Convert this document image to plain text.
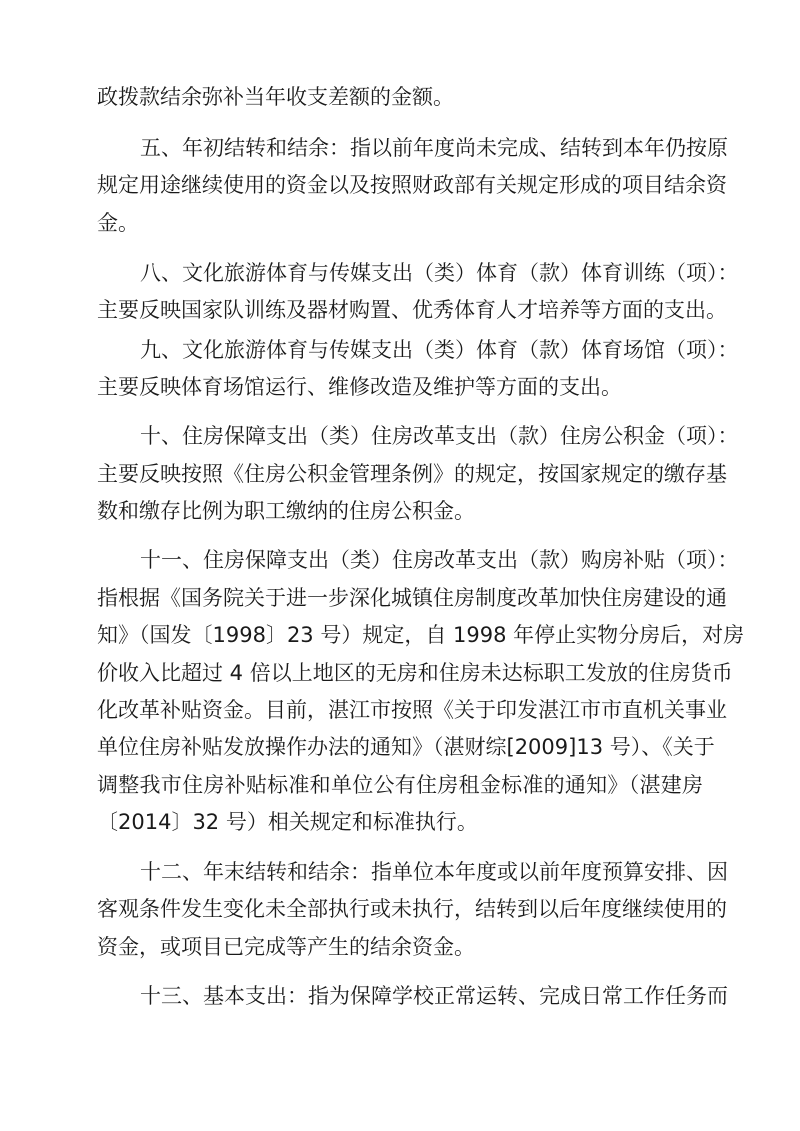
政拨款结余弥补当年收支差额的金额。
五、年初结转和结余：指以前年度尚未完成、结转到本年仍按原
规定用途继续使用的资金以及按照财政部有关规定形成的项目结余资
金。
八、文化旅游体育与传媒支出（类）体育（款）体育训练（项）：
主要反映国家队训练及器材购置、优秀体育人才培养等方面的支出。
九、文化旅游体育与传媒支出（类）体育（款）体育场馆（项）：
主要反映体育场馆运行、维修改造及维护等方面的支出。
十、住房保障支出（类）住房改革支出（款）住房公积金（项）：
主要反映按照《住房公积金管理条例》的规定，按国家规定的缴存基
数和缴存比例为职工缴纳的住房公积金。
十一、住房保障支出（类）住房改革支出（款）购房补贴（项）：
指根据《国务院关于进一步深化城镇住房制度改革加快住房建设的通
知》（国发〔1998〕23 号）规定，自 1998 年停止实物分房后，对房
价收入比超过 4 倍以上地区的无房和住房未达标职工发放的住房货币
化改革补贴资金。目前，湛江市按照《关于印发湛江市市直机关事业
单位住房补贴发放操作办法的通知》（湛财综[2009]13 号）、《关于
调整我市住房补贴标准和单位公有住房租金标准的通知》（湛建房
〔2014〕32 号）相关规定和标准执行。
十二、年末结转和结余：指单位本年度或以前年度预算安排、因
客观条件发生变化未全部执行或未执行，结转到以后年度继续使用的
资金，或项目已完成等产生的结余资金。
十三、基本支出：指为保障学校正常运转、完成日常工作任务而
